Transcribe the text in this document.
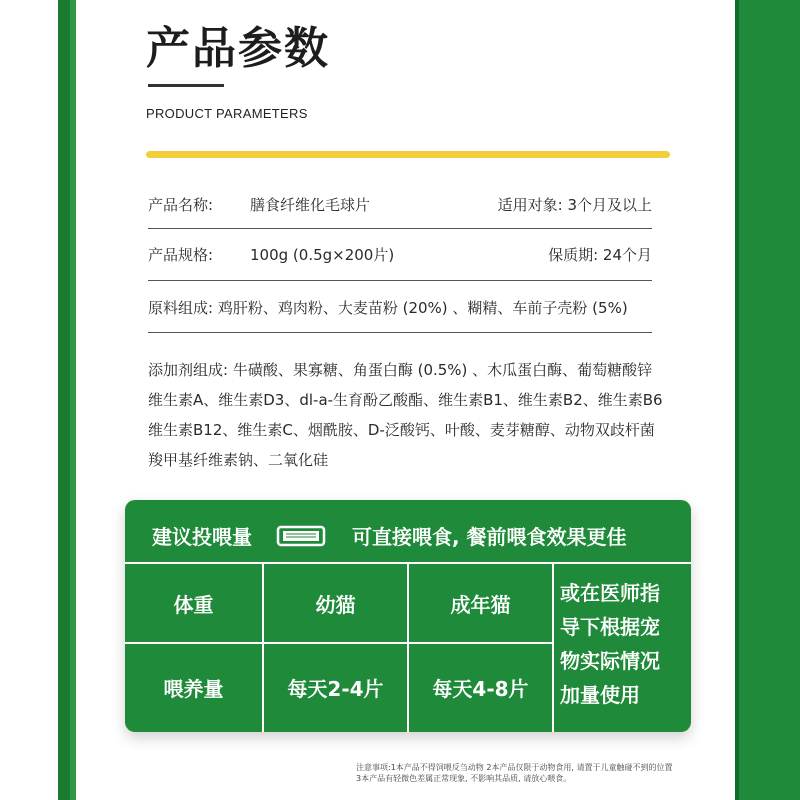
产品参数
PRODUCT PARAMETERS
产品名称: 膳食纤维化毛球片	适用对象: 3个月及以上
产品规格: 100g (0.5g×200片)	保质期: 24个月
原料组成: 鸡肝粉、鸡肉粉、大麦苗粉 (20%) 、糊精、车前子壳粉 (5%)
添加剂组成: 牛磺酸、果寡糖、角蛋白酶 (0.5%) 、木瓜蛋白酶、葡萄糖酸锌
维生素A、维生素D3、dl-a-生育酚乙酸酯、维生素B1、维生素B2、维生素B6
维生素B12、维生素C、烟酰胺、D-泛酸钙、叶酸、麦芽糖醇、动物双歧杆菌
羧甲基纤维素钠、二氧化硅
建议投喂量	可直接喂食, 餐前喂食效果更佳
体重	幼猫	成年猫
喂养量	每天2-4片	每天4-8片
或在医师指
导下根据宠
物实际情况
加量使用
注意事项:1本产品不得饲喂反刍动物 2本产品仅限于动物食用, 请置于儿童触碰不到的位置
3本产品有轻微色差属正常现象, 不影响其品质, 请放心喂食。
